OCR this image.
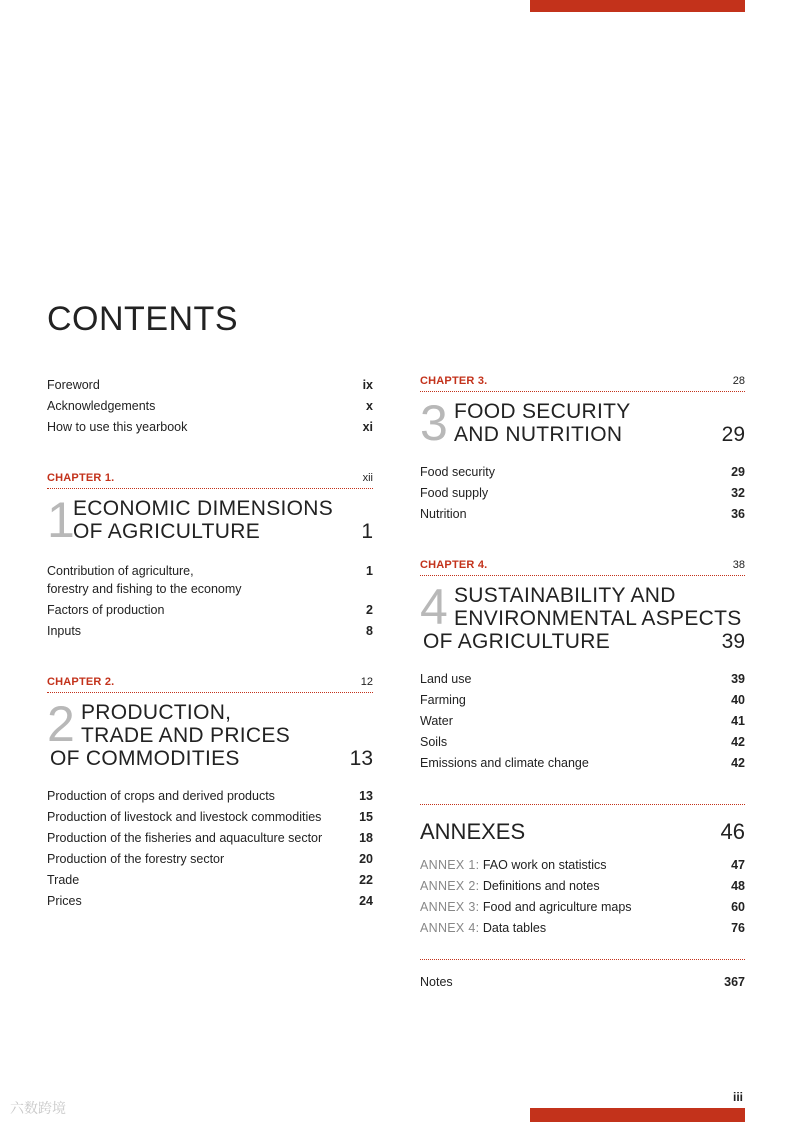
CONTENTS
Foreword	ix
Acknowledgements	x
How to use this yearbook	xi
CHAPTER 1.	xii
1
ECONOMIC DIMENSIONS
OF AGRICULTURE	1
Contribution of agriculture,
forestry and fishing to the economy
1
Factors of production	2
Inputs	8
CHAPTER 2.	12
2 PRODUCTION,
TRADE AND PRICES
OF COMMODITIES	13
Production of crops and derived products	13
Production of livestock and livestock commodities	15
Production of the fisheries and aquaculture sector	18
Production of the forestry sector	20
Trade	22
Prices	24
CHAPTER 3.	28
3 FOOD SECURITY
AND NUTRITION	29
Food security	29
Food supply	32
Nutrition	36
CHAPTER 4.	38
4 SUSTAINABILITY AND
ENVIRONMENTAL ASPECTS
OF AGRICULTURE	39
Land use	39
Farming	40
Water	41
Soils	42
Emissions and climate change	42
ANNEXES	46
ANNEX 1: FAO work on statistics	47
ANNEX 2: Definitions and notes	48
ANNEX 3: Food and agriculture maps	60
ANNEX 4: Data tables	76
Notes	367
iii
六数跨境
